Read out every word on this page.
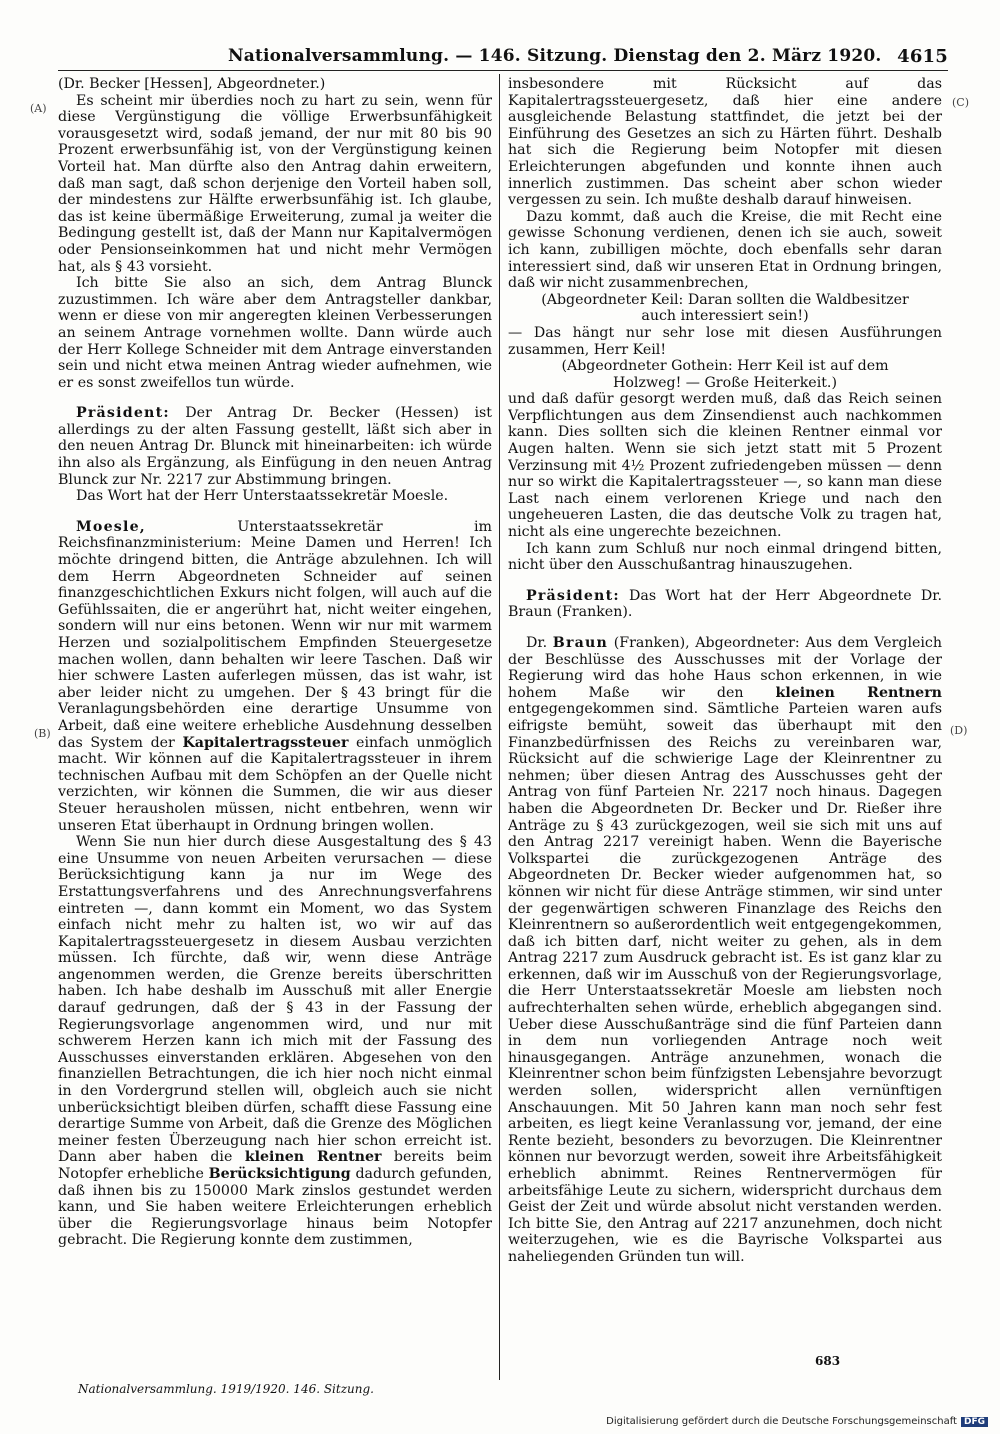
Nationalversammlung. — 146. Sitzung. Dienstag den 2. März 1920. 4615
(A)
(B)
(C)
(D)

(Dr. Becker [Hessen], Abgeordneter.)

Es scheint mir überdies noch zu hart zu sein, wenn für diese Vergünstigung die völlige Erwerbsunfähigkeit vorausgesetzt wird, sodaß jemand, der nur mit 80 bis 90 Prozent erwerbsunfähig ist, von der Vergünstigung keinen Vorteil hat. Man dürfte also den Antrag dahin erweitern, daß man sagt, daß schon derjenige den Vorteil haben soll, der mindestens zur Hälfte erwerbsunfähig ist. Ich glaube, das ist keine übermäßige Erweiterung, zumal ja weiter die Bedingung gestellt ist, daß der Mann nur Kapitalvermögen oder Pensionseinkommen hat und nicht mehr Vermögen hat, als § 43 vorsieht.

Ich bitte Sie also an sich, dem Antrag Blunck zuzustimmen. Ich wäre aber dem Antragsteller dankbar, wenn er diese von mir angeregten kleinen Verbesserungen an seinem Antrage vornehmen wollte. Dann würde auch der Herr Kollege Schneider mit dem Antrage einverstanden sein und nicht etwa meinen Antrag wieder aufnehmen, wie er es sonst zweifellos tun würde.

Präsident: Der Antrag Dr. Becker (Hessen) ist allerdings zu der alten Fassung gestellt, läßt sich aber in den neuen Antrag Dr. Blunck mit hineinarbeiten: ich würde ihn also als Ergänzung, als Einfügung in den neuen Antrag Blunck zur Nr. 2217 zur Abstimmung bringen.

Das Wort hat der Herr Unterstaatssekretär Moesle.

Moesle,	Unterstaatssekretär im Reichsfinanzministerium: Meine Damen und Herren! Ich möchte dringend bitten, die Anträge abzulehnen. Ich will dem Herrn Abgeordneten Schneider auf seinen finanzgeschichtlichen Exkurs nicht folgen, will auch auf die Gefühlssaiten, die er angerührt hat, nicht weiter eingehen, sondern will nur eins betonen. Wenn wir nur mit warmem Herzen und sozialpolitischem Empfinden Steuergesetze machen wollen, dann behalten wir leere Taschen. Daß wir hier schwere Lasten auferlegen müssen, das ist wahr, ist aber leider nicht zu umgehen. Der § 43 bringt für die Veranlagungsbehörden eine derartige Unsumme von Arbeit, daß eine weitere erhebliche Ausdehnung desselben das System der Kapitalertragssteuer einfach unmöglich macht. Wir können auf die Kapitalertragssteuer in ihrem technischen Aufbau mit dem Schöpfen an der Quelle nicht verzichten, wir können die Summen, die wir aus dieser Steuer herausholen müssen, nicht entbehren, wenn wir unseren Etat überhaupt in Ordnung bringen wollen.

Wenn Sie nun hier durch diese Ausgestaltung des § 43 eine Unsumme von neuen Arbeiten verursachen — diese Berücksichtigung kann ja nur im Wege des Erstattungsverfahrens und des Anrechnungsverfahrens eintreten —, dann kommt ein Moment, wo das System einfach nicht mehr zu halten ist, wo wir auf das Kapitalertragssteuergesetz in diesem Ausbau verzichten müssen. Ich fürchte, daß wir, wenn diese Anträge angenommen werden, die Grenze bereits überschritten haben. Ich habe deshalb im Ausschuß mit aller Energie darauf gedrungen, daß der § 43 in der Fassung der Regierungsvorlage angenommen wird, und nur mit schwerem Herzen kann ich mich mit der Fassung des Ausschusses einverstanden erklären. Abgesehen von den finanziellen Betrachtungen, die ich hier noch nicht einmal in den Vordergrund stellen will, obgleich auch sie nicht unberücksichtigt bleiben dürfen, schafft diese Fassung eine derartige Summe von Arbeit, daß die Grenze des Möglichen meiner festen Überzeugung nach hier schon erreicht ist. Dann aber haben die kleinen Rentner bereits beim Notopfer erhebliche Berücksichtigung dadurch gefunden, daß ihnen bis zu 150000 Mark zinslos gestundet werden kann, und Sie haben weitere Erleichterungen erheblich über die Regierungsvorlage hinaus beim Notopfer gebracht. Die Regierung konnte dem zustimmen,

insbesondere mit Rücksicht auf das Kapitalertragssteuergesetz, daß hier eine andere ausgleichende Belastung stattfindet, die jetzt bei der Einführung des Gesetzes an sich zu Härten führt. Deshalb hat sich die Regierung beim Notopfer mit diesen Erleichterungen abgefunden und konnte ihnen auch innerlich zustimmen. Das scheint aber schon wieder vergessen zu sein. Ich mußte deshalb darauf hinweisen.

Dazu kommt, daß auch die Kreise, die mit Recht eine gewisse Schonung verdienen, denen ich sie auch, soweit ich kann, zubilligen möchte, doch ebenfalls sehr daran interessiert sind, daß wir unseren Etat in Ordnung bringen, daß wir nicht zusammenbrechen,

(Abgeordneter Keil: Daran sollten die Waldbesitzer auch interessiert sein!)

— Das hängt nur sehr lose mit diesen Ausführungen zusammen, Herr Keil!

(Abgeordneter Gothein: Herr Keil ist auf dem Holzweg! — Große Heiterkeit.)

und daß dafür gesorgt werden muß, daß das Reich seinen Verpflichtungen aus dem Zinsendienst auch nachkommen kann. Dies sollten sich die kleinen Rentner einmal vor Augen halten. Wenn sie sich jetzt statt mit 5 Prozent Verzinsung mit 4½ Prozent zufriedengeben müssen — denn nur so wirkt die Kapitalertragssteuer —, so kann man diese Last nach einem verlorenen Kriege und nach den ungeheueren Lasten, die das deutsche Volk zu tragen hat, nicht als eine ungerechte bezeichnen.

Ich kann zum Schluß nur noch einmal dringend bitten, nicht über den Ausschußantrag hinauszugehen.

Präsident: Das Wort hat der Herr Abgeordnete Dr. Braun (Franken).

Dr. Braun (Franken), Abgeordneter: Aus dem Vergleich der Beschlüsse des Ausschusses mit der Vorlage der Regierung wird das hohe Haus schon erkennen, in wie hohem Maße wir den kleinen Rentnern entgegengekommen sind. Sämtliche Parteien waren aufs eifrigste bemüht, soweit das überhaupt mit den Finanzbedürfnissen des Reichs zu vereinbaren war, Rücksicht auf die schwierige Lage der Kleinrentner zu nehmen; über diesen Antrag des Ausschusses geht der Antrag von fünf Parteien Nr. 2217 noch hinaus. Dagegen haben die Abgeordneten Dr. Becker und Dr. Rießer ihre Anträge zu § 43 zurückgezogen, weil sie sich mit uns auf den Antrag 2217 vereinigt haben. Wenn die Bayerische Volkspartei die zurückgezogenen Anträge des Abgeordneten Dr. Becker wieder aufgenommen hat, so können wir nicht für diese Anträge stimmen, wir sind unter der gegenwärtigen schweren Finanzlage des Reichs den Kleinrentnern so außerordentlich weit entgegengekommen, daß ich bitten darf, nicht weiter zu gehen, als in dem Antrag 2217 zum Ausdruck gebracht ist. Es ist ganz klar zu erkennen, daß wir im Ausschuß von der Regierungsvorlage, die Herr Unterstaatssekretär Moesle am liebsten noch aufrechterhalten sehen würde, erheblich abgegangen sind. Ueber diese Ausschußanträge sind die fünf Parteien dann in dem nun vorliegenden Antrage noch weit hinausgegangen. Anträge anzunehmen, wonach die Kleinrentner schon beim fünfzigsten Lebensjahre bevorzugt werden sollen, widerspricht allen vernünftigen Anschauungen. Mit 50 Jahren kann man noch sehr fest arbeiten, es liegt keine Veranlassung vor, jemand, der eine Rente bezieht, besonders zu bevorzugen. Die Kleinrentner können nur bevorzugt werden, soweit ihre Arbeitsfähigkeit erheblich abnimmt. Reines Rentnervermögen für arbeitsfähige Leute zu sichern, widerspricht durchaus dem Geist der Zeit und würde absolut nicht verstanden werden. Ich bitte Sie, den Antrag auf 2217 anzunehmen, doch nicht weiterzugehen, wie es die Bayrische Volkspartei aus naheliegenden Gründen tun will.

Nationalversammlung. 1919/1920. 146. Sitzung.
683
Digitalisierung gefördert durch die Deutsche Forschungsgemeinschaft DFG
